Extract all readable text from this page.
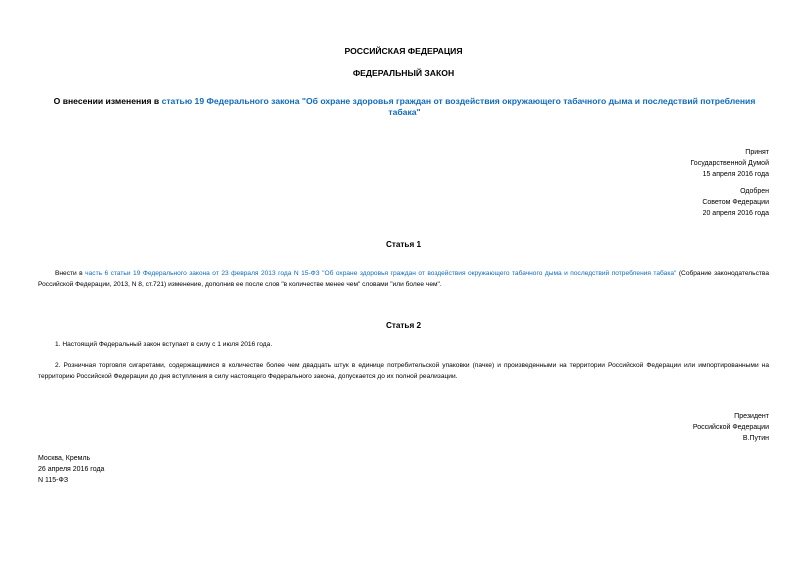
РОССИЙСКАЯ ФЕДЕРАЦИЯ
ФЕДЕРАЛЬНЫЙ ЗАКОН
О внесении изменения в статью 19 Федерального закона "Об охране здоровья граждан от воздействия окружающего табачного дыма и последствий потребления табака"
Принят
Государственной Думой
15 апреля 2016 года
Одобрен
Советом Федерации
20 апреля 2016 года
Статья 1
Внести в часть 6 статьи 19 Федерального закона от 23 февраля 2013 года N 15-ФЗ "Об охране здоровья граждан от воздействия окружающего табачного дыма и последствий потребления табака" (Собрание законодательства Российской Федерации, 2013, N 8, ст.721) изменение, дополнив ее после слов "в количестве менее чем" словами "или более чем".
Статья 2
1. Настоящий Федеральный закон вступает в силу с 1 июля 2016 года.
2. Розничная торговля сигаретами, содержащимися в количестве более чем двадцать штук в единице потребительской упаковки (пачке) и произведенными на территории Российской Федерации или импортированными на территорию Российской Федерации до дня вступления в силу настоящего Федерального закона, допускается до их полной реализации.
Президент
Российской Федерации
В.Путин
Москва, Кремль
26 апреля 2016 года
N 115-ФЗ
